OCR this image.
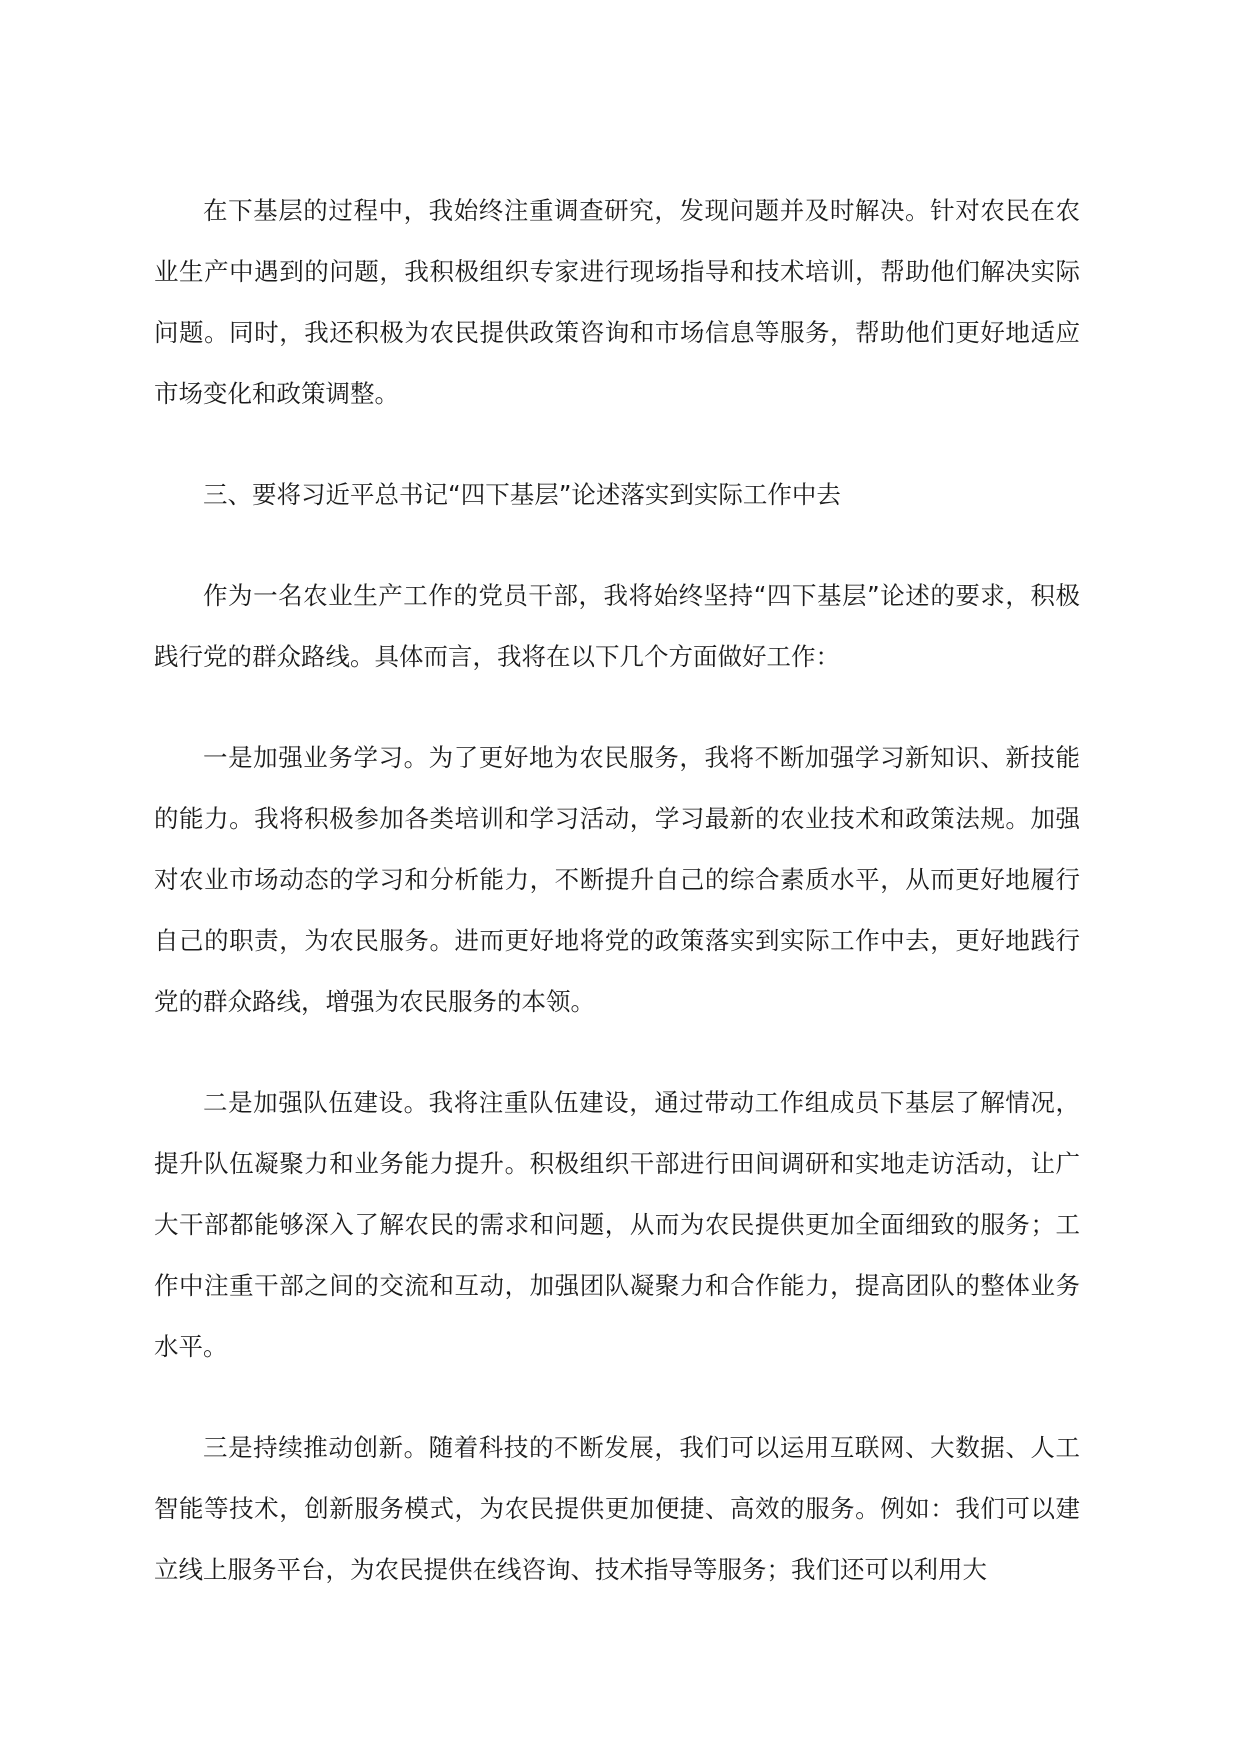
在下基层的过程中，我始终注重调查研究，发现问题并及时解决。针对农民在农业生产中遇到的问题，我积极组织专家进行现场指导和技术培训，帮助他们解决实际问题。同时，我还积极为农民提供政策咨询和市场信息等服务，帮助他们更好地适应市场变化和政策调整。

三、要将习近平总书记“四下基层”论述落实到实际工作中去

作为一名农业生产工作的党员干部，我将始终坚持“四下基层”论述的要求，积极践行党的群众路线。具体而言，我将在以下几个方面做好工作：

一是加强业务学习。为了更好地为农民服务，我将不断加强学习新知识、新技能的能力。我将积极参加各类培训和学习活动，学习最新的农业技术和政策法规。加强对农业市场动态的学习和分析能力，不断提升自己的综合素质水平，从而更好地履行自己的职责，为农民服务。进而更好地将党的政策落实到实际工作中去，更好地践行党的群众路线，增强为农民服务的本领。

二是加强队伍建设。我将注重队伍建设，通过带动工作组成员下基层了解情况，提升队伍凝聚力和业务能力提升。积极组织干部进行田间调研和实地走访活动，让广大干部都能够深入了解农民的需求和问题，从而为农民提供更加全面细致的服务；工作中注重干部之间的交流和互动，加强团队凝聚力和合作能力，提高团队的整体业务水平。

三是持续推动创新。随着科技的不断发展，我们可以运用互联网、大数据、人工智能等技术，创新服务模式，为农民提供更加便捷、高效的服务。例如：我们可以建立线上服务平台，为农民提供在线咨询、技术指导等服务；我们还可以利用大
